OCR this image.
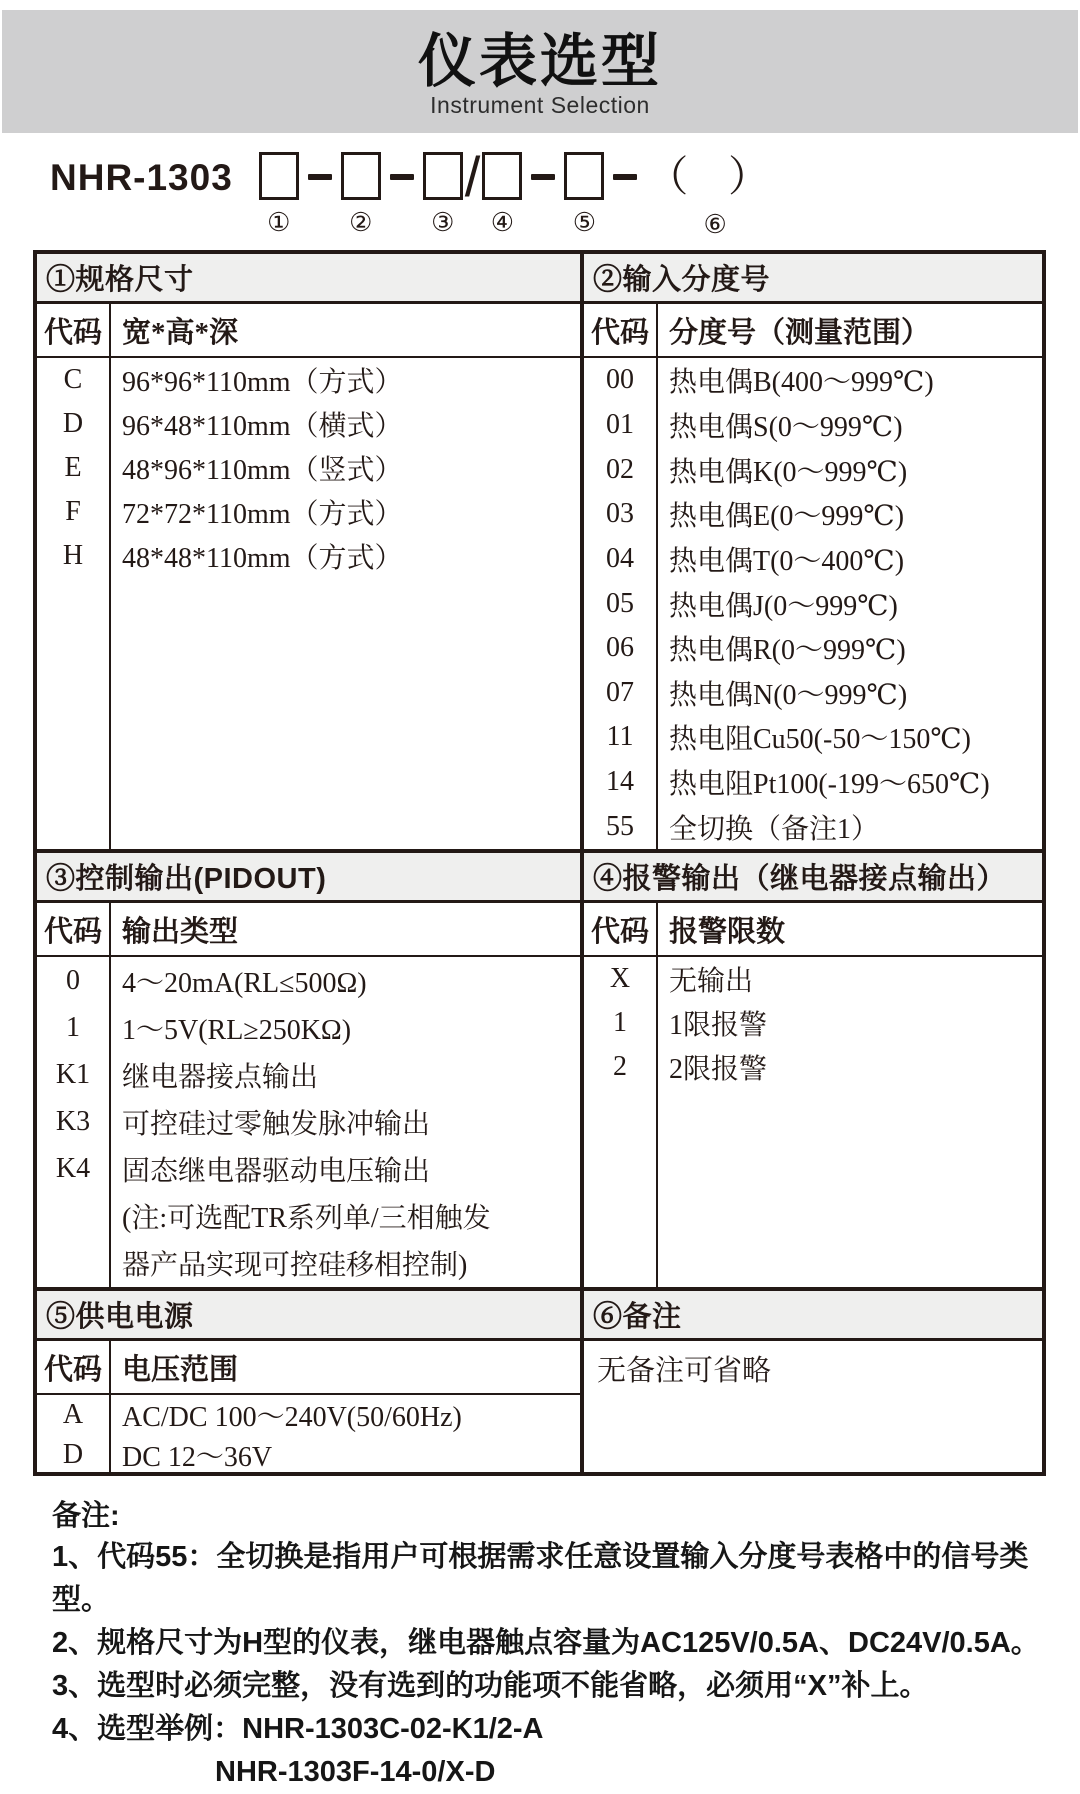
仪表选型
Instrument Selection
NHR-1303
① ② ③
/
④ ⑤
（ ）
⑥
①规格尺寸
代码 宽*高*深
C	96*96*110mm（方式）
D	96*48*110mm（横式）
E	48*96*110mm（竖式）
F	72*72*110mm（方式）
H	48*48*110mm（方式）
②输入分度号
代码 分度号（测量范围）
00	热电偶B(400～999℃)
01	热电偶S(0～999℃)
02	热电偶K(0～999℃)
03	热电偶E(0～999℃)
04	热电偶T(0～400℃)
05	热电偶J(0～999℃)
06	热电偶R(0～999℃)
07	热电偶N(0～999℃)
11	热电阻Cu50(-50～150℃)
14	热电阻Pt100(-199～650℃)
55	全切换（备注1）
③控制输出(PIDOUT)
代码 输出类型
0	4～20mA(RL≤500Ω)
1	1～5V(RL≥250KΩ)
K1	继电器接点输出
K3	可控硅过零触发脉冲输出
K4	固态继电器驱动电压输出
(注:可选配TR系列单/三相触发
器产品实现可控硅移相控制)
④报警输出（继电器接点输出）
代码 报警限数
X	无输出
1	1限报警
2	2限报警
⑤供电电源
代码 电压范围
A	AC/DC 100～240V(50/60Hz)
D	DC 12～36V
⑥备注
无备注可省略
备注:
1、代码55：全切换是指用户可根据需求任意设置输入分度号表格中的信号类型。
2、规格尺寸为H型的仪表，继电器触点容量为AC125V/0.5A、DC24V/0.5A。
3、选型时必须完整，没有选到的功能项不能省略，必须用“X”补上。
4、选型举例：NHR-1303C-02-K1/2-A
NHR-1303F-14-0/X-D
